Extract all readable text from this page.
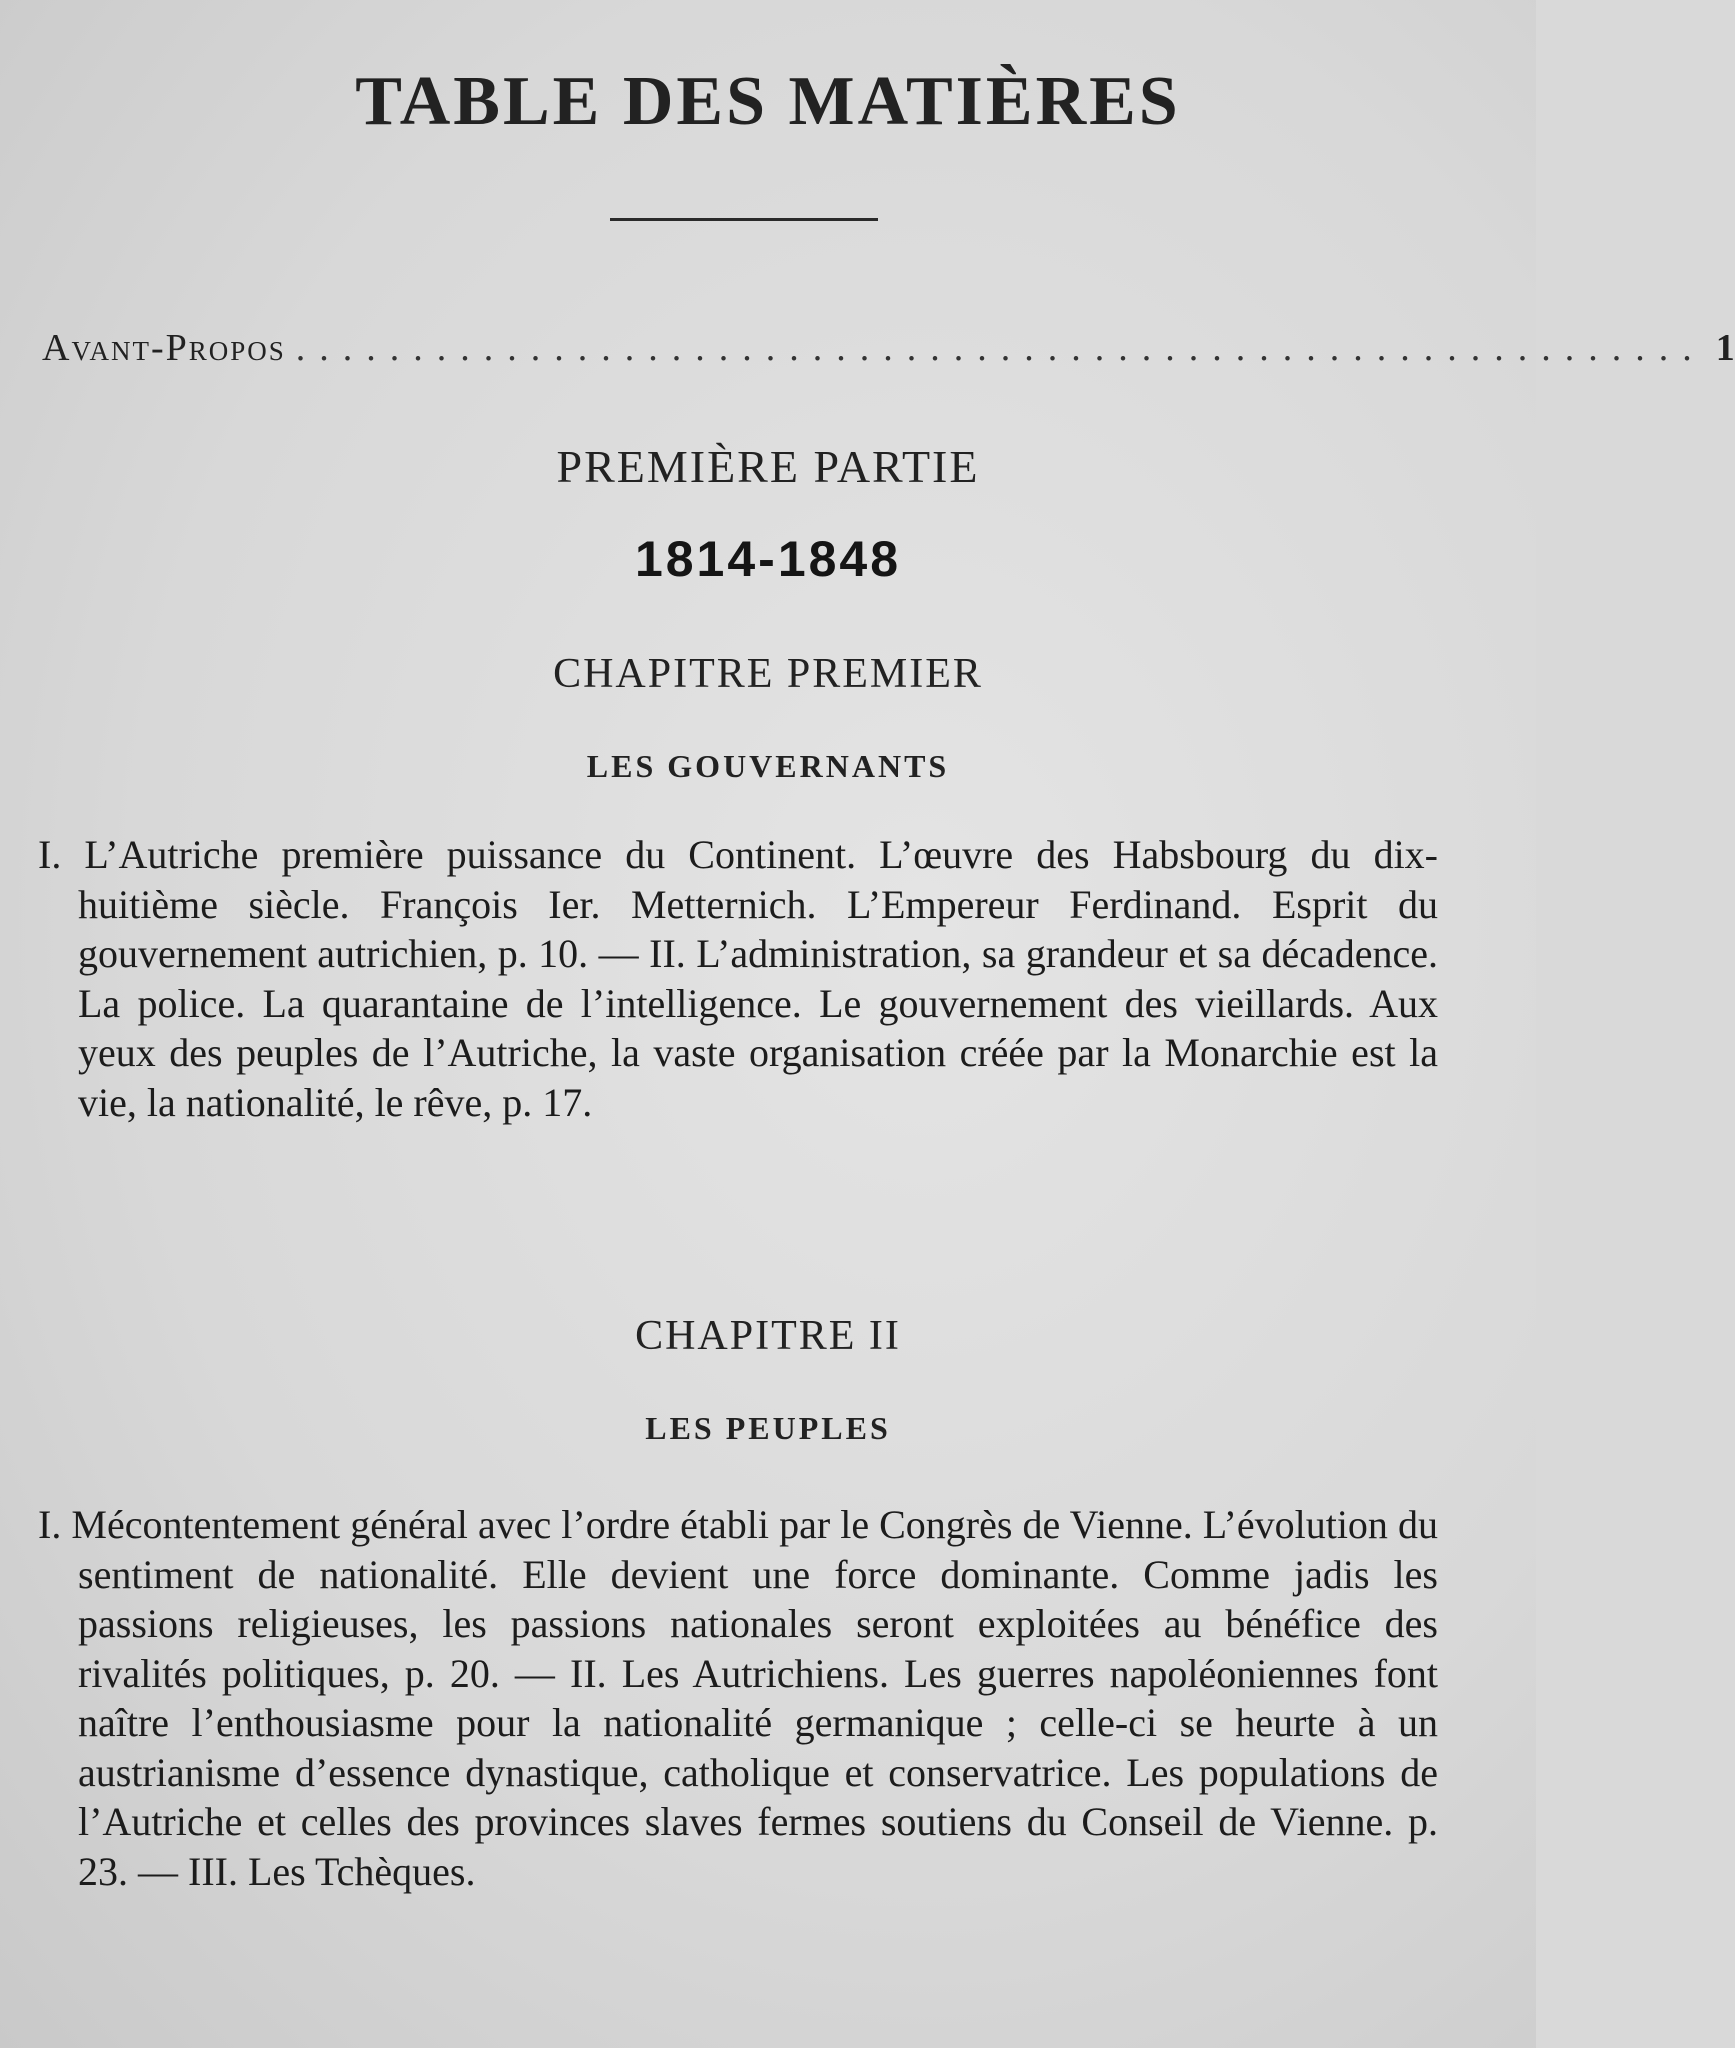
TABLE DES MATIÈRES
Avant-Propos ............................................................ 1
PREMIÈRE PARTIE
1814-1848
CHAPITRE PREMIER
LES GOUVERNANTS
I. L’Autriche première puissance du Continent. L’œuvre des Habsbourg du dix-huitième siècle. François Ier. Metternich. L’Empereur Ferdinand. Esprit du gouvernement autrichien, p. 10. — II. L’administration, sa grandeur et sa décadence. La police. La quarantaine de l’intelligence. Le gouvernement des vieillards. Aux yeux des peuples de l’Autriche, la vaste organisation créée par la Monarchie est la vie, la nationalité, le rêve, p. 17.
CHAPITRE II
LES PEUPLES
I. Mécontentement général avec l’ordre établi par le Congrès de Vienne. L’évolution du sentiment de nationalité. Elle devient une force dominante. Comme jadis les passions religieuses, les passions nationales seront exploitées au bénéfice des rivalités politiques, p. 20. — II. Les Autrichiens. Les guerres napoléoniennes font naître l’enthousiasme pour la nationalité germanique ; celle-ci se heurte à un austrianisme d’essence dynastique, catholique et conservatrice. Les populations de l’Autriche et celles des provinces slaves fermes soutiens du Conseil de Vienne. p. 23. — III. Les Tchèques.
